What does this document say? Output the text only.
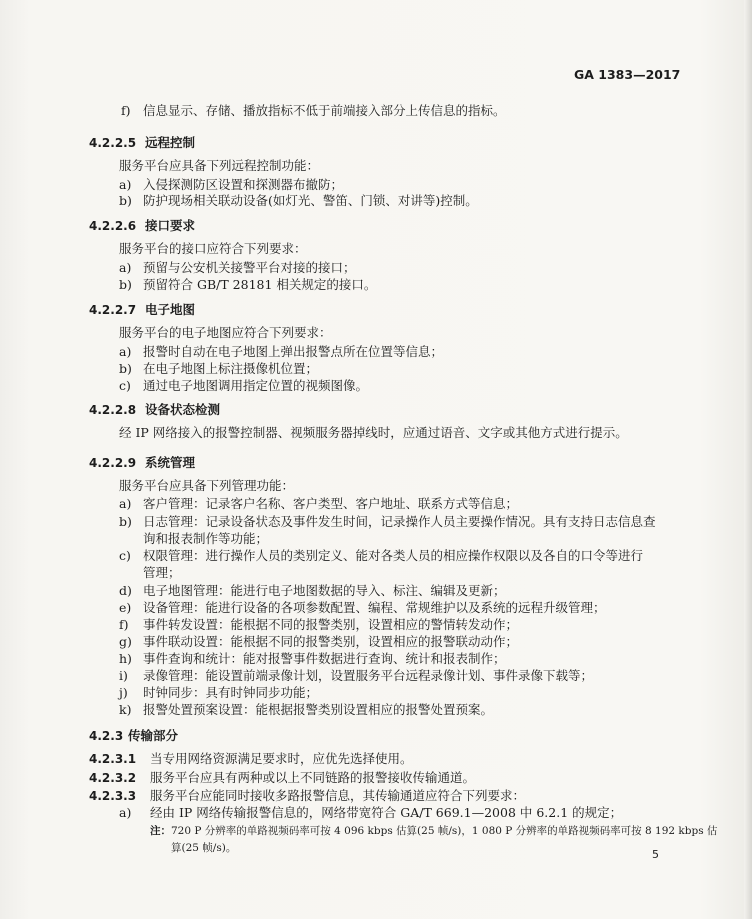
GA 1383—2017
f) 信息显示、存储、播放指标不低于前端接入部分上传信息的指标。
4.2.2.5 远程控制
服务平台应具备下列远程控制功能：
a) 入侵探测防区设置和探测器布撤防；
b) 防护现场相关联动设备(如灯光、警笛、门锁、对讲等)控制。
4.2.2.6 接口要求
服务平台的接口应符合下列要求：
a) 预留与公安机关接警平台对接的接口；
b) 预留符合 GB/T 28181 相关规定的接口。
4.2.2.7 电子地图
服务平台的电子地图应符合下列要求：
a) 报警时自动在电子地图上弹出报警点所在位置等信息；
b) 在电子地图上标注摄像机位置；
c) 通过电子地图调用指定位置的视频图像。
4.2.2.8 设备状态检测
经 IP 网络接入的报警控制器、视频服务器掉线时，应通过语音、文字或其他方式进行提示。
4.2.2.9 系统管理
服务平台应具备下列管理功能：
a) 客户管理：记录客户名称、客户类型、客户地址、联系方式等信息；
b) 日志管理：记录设备状态及事件发生时间，记录操作人员主要操作情况。具有支持日志信息查
询和报表制作等功能；
c) 权限管理：进行操作人员的类别定义、能对各类人员的相应操作权限以及各自的口令等进行
管理；
d) 电子地图管理：能进行电子地图数据的导入、标注、编辑及更新；
e) 设备管理：能进行设备的各项参数配置、编程、常规维护以及系统的远程升级管理；
f) 事件转发设置：能根据不同的报警类别，设置相应的警情转发动作；
g) 事件联动设置：能根据不同的报警类别，设置相应的报警联动动作；
h) 事件查询和统计：能对报警事件数据进行查询、统计和报表制作；
i) 录像管理：能设置前端录像计划，设置服务平台远程录像计划、事件录像下载等；
j) 时钟同步：具有时钟同步功能；
k) 报警处置预案设置：能根据报警类别设置相应的报警处置预案。
4.2.3 传输部分
4.2.3.1 当专用网络资源满足要求时，应优先选择使用。
4.2.3.2 服务平台应具有两种或以上不同链路的报警接收传输通道。
4.2.3.3 服务平台应能同时接收多路报警信息，其传输通道应符合下列要求：
a) 经由 IP 网络传输报警信息的，网络带宽符合 GA/T 669.1—2008 中 6.2.1 的规定；
注： 720 P 分辨率的单路视频码率可按 4 096 kbps 估算(25 帧/s)，1 080 P 分辨率的单路视频码率可按 8 192 kbps 估
算(25 帧/s)。	5
